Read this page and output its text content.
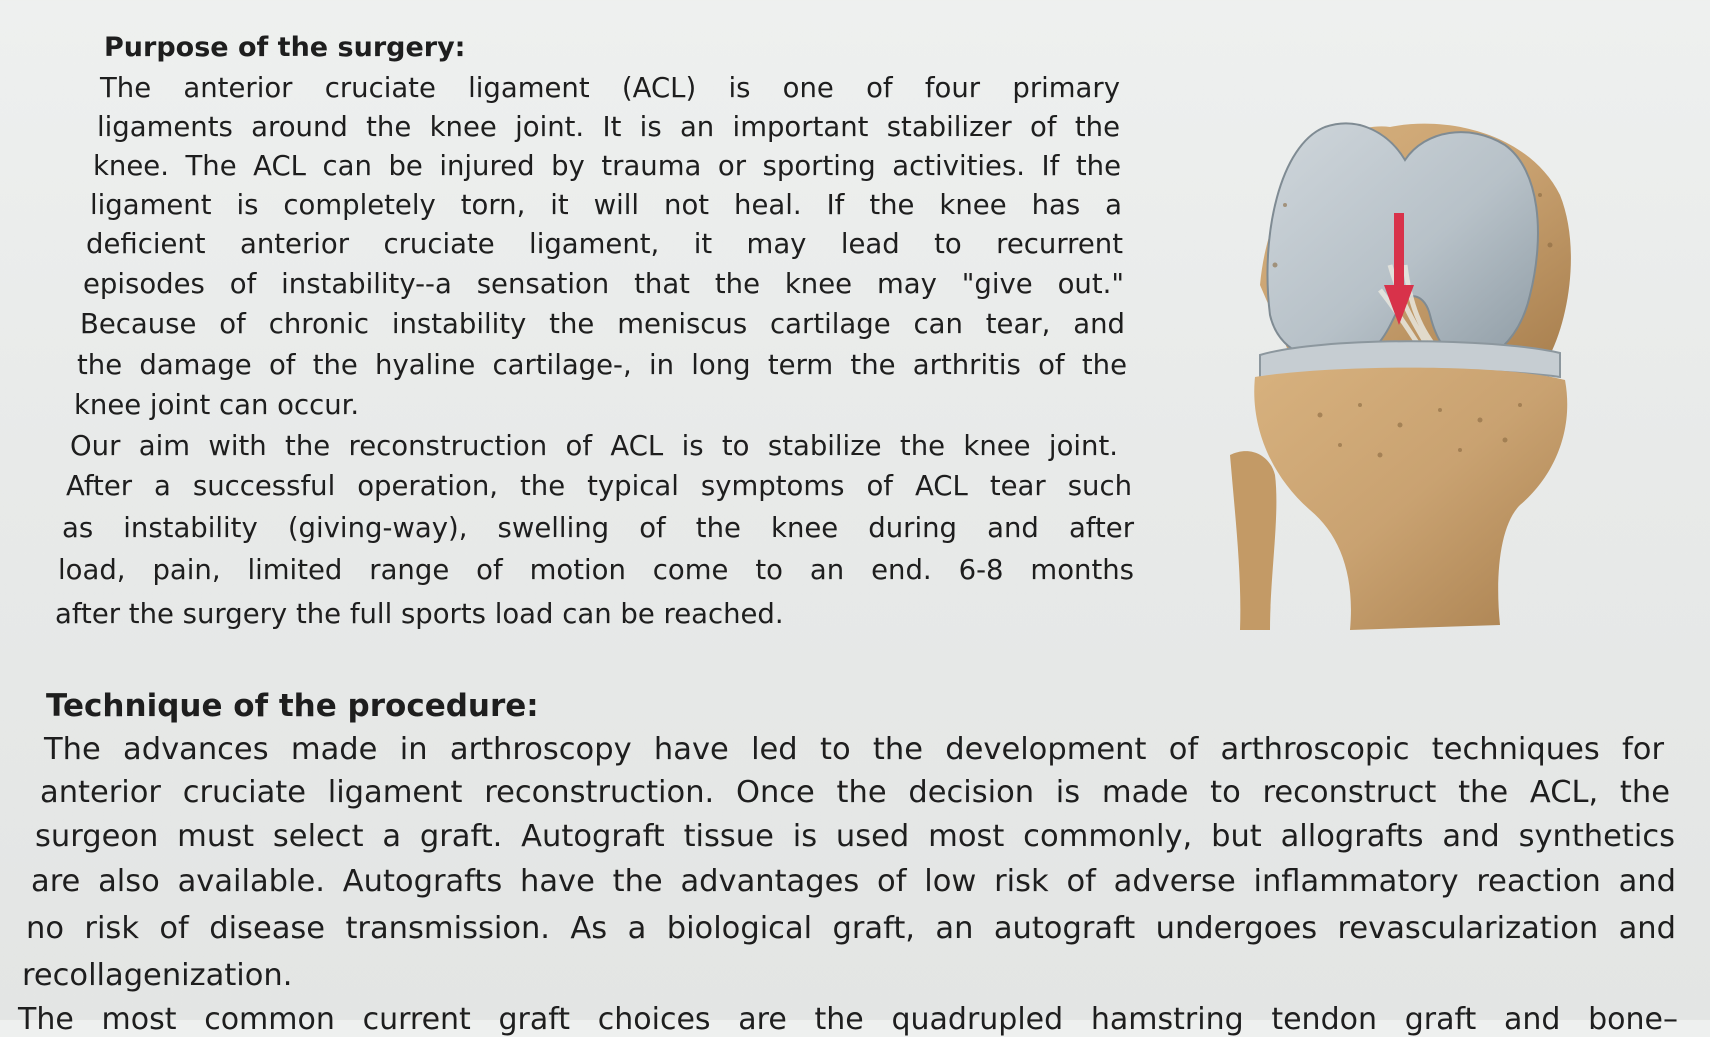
Purpose of the surgery:
The anterior cruciate ligament (ACL) is one of four primary
ligaments around the knee joint. It is an important stabilizer of the
knee. The ACL can be injured by trauma or sporting activities. If the
ligament is completely torn, it will not heal. If the knee has a
deficient anterior cruciate ligament, it may lead to recurrent
episodes of instability--a sensation that the knee may "give out."
Because of chronic instability the meniscus cartilage can tear, and
the damage of the hyaline cartilage-, in long term the arthritis of the
knee joint can occur.
Our aim with the reconstruction of ACL is to stabilize the knee joint.
After a successful operation, the typical symptoms of ACL tear such
as instability (giving-way), swelling of the knee during and after
load, pain, limited range of motion come to an end. 6-8 months
after the surgery the full sports load can be reached.
Technique of the procedure:
The advances made in arthroscopy have led to the development of arthroscopic techniques for
anterior cruciate ligament reconstruction. Once the decision is made to reconstruct the ACL, the
surgeon must select a graft. Autograft tissue is used most commonly, but allografts and synthetics
are also available. Autografts have the advantages of low risk of adverse inflammatory reaction and
no risk of disease transmission. As a biological graft, an autograft undergoes revascularization and
recollagenization.
The most common current graft choices are the quadrupled hamstring tendon graft and bone–
